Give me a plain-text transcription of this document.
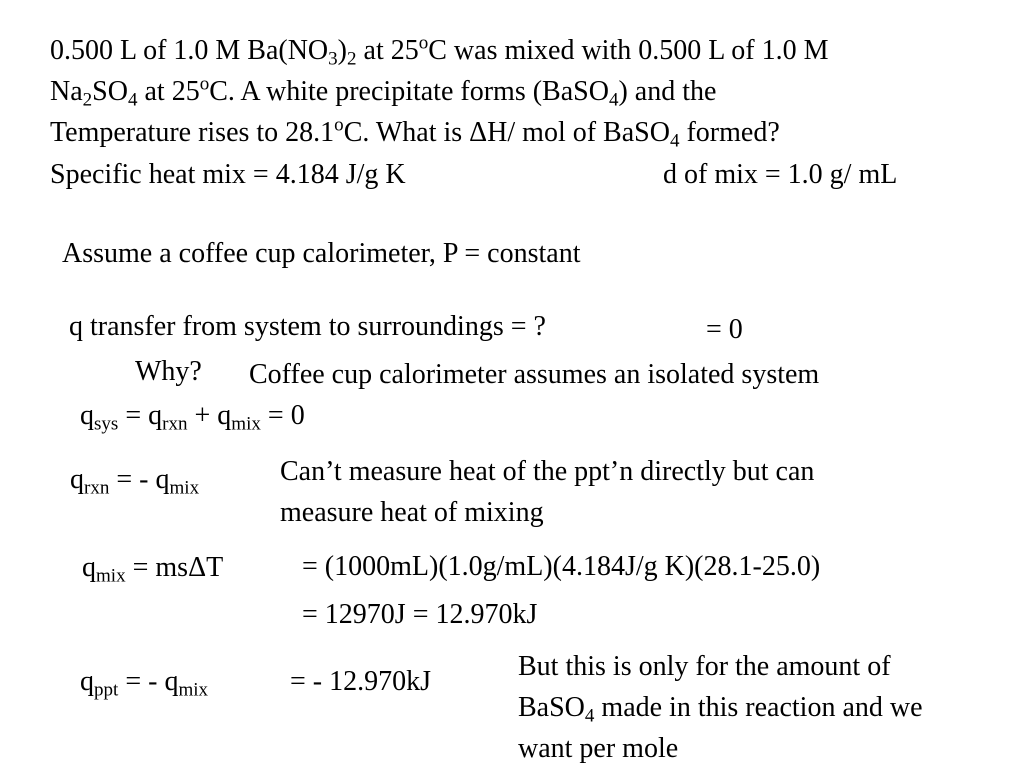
0.500 L of 1.0 M $Ba(NO_3)_2$ at 25$^o$C was mixed with 0.500 L of 1.0 M
$Na_2SO_4$ at 25$^o$C. A white precipitate forms (BaSO$_4$) and the
Temperature rises to 28.1$^o$C. What is ΔH/ mol of BaSO$_4$ formed?
Specific heat mix = 4.184 J/g K	d of mix = 1.0 g/ mL
Assume a coffee cup calorimeter, P = constant
q transfer from system to surroundings = ?	= 0
Why? Coffee cup calorimeter assumes an isolated system
$q_{sys} = q_{rxn} + q_{mix} = 0$
$q_{rxn}$ = - $q_{mix}$
Can’t measure heat of the ppt’n directly but can
measure heat of mixing
$q_{mix} = ms\Delta T$	= (1000mL)(1.0g/mL)(4.184J/g K)(28.1-25.0)
= 12970J = 12.970kJ
$q_{ppt}$ = - $q_{mix}$	= - 12.970kJ	But this is only for the amount of
BaSO$_4$ made in this reaction and we
want per mole
